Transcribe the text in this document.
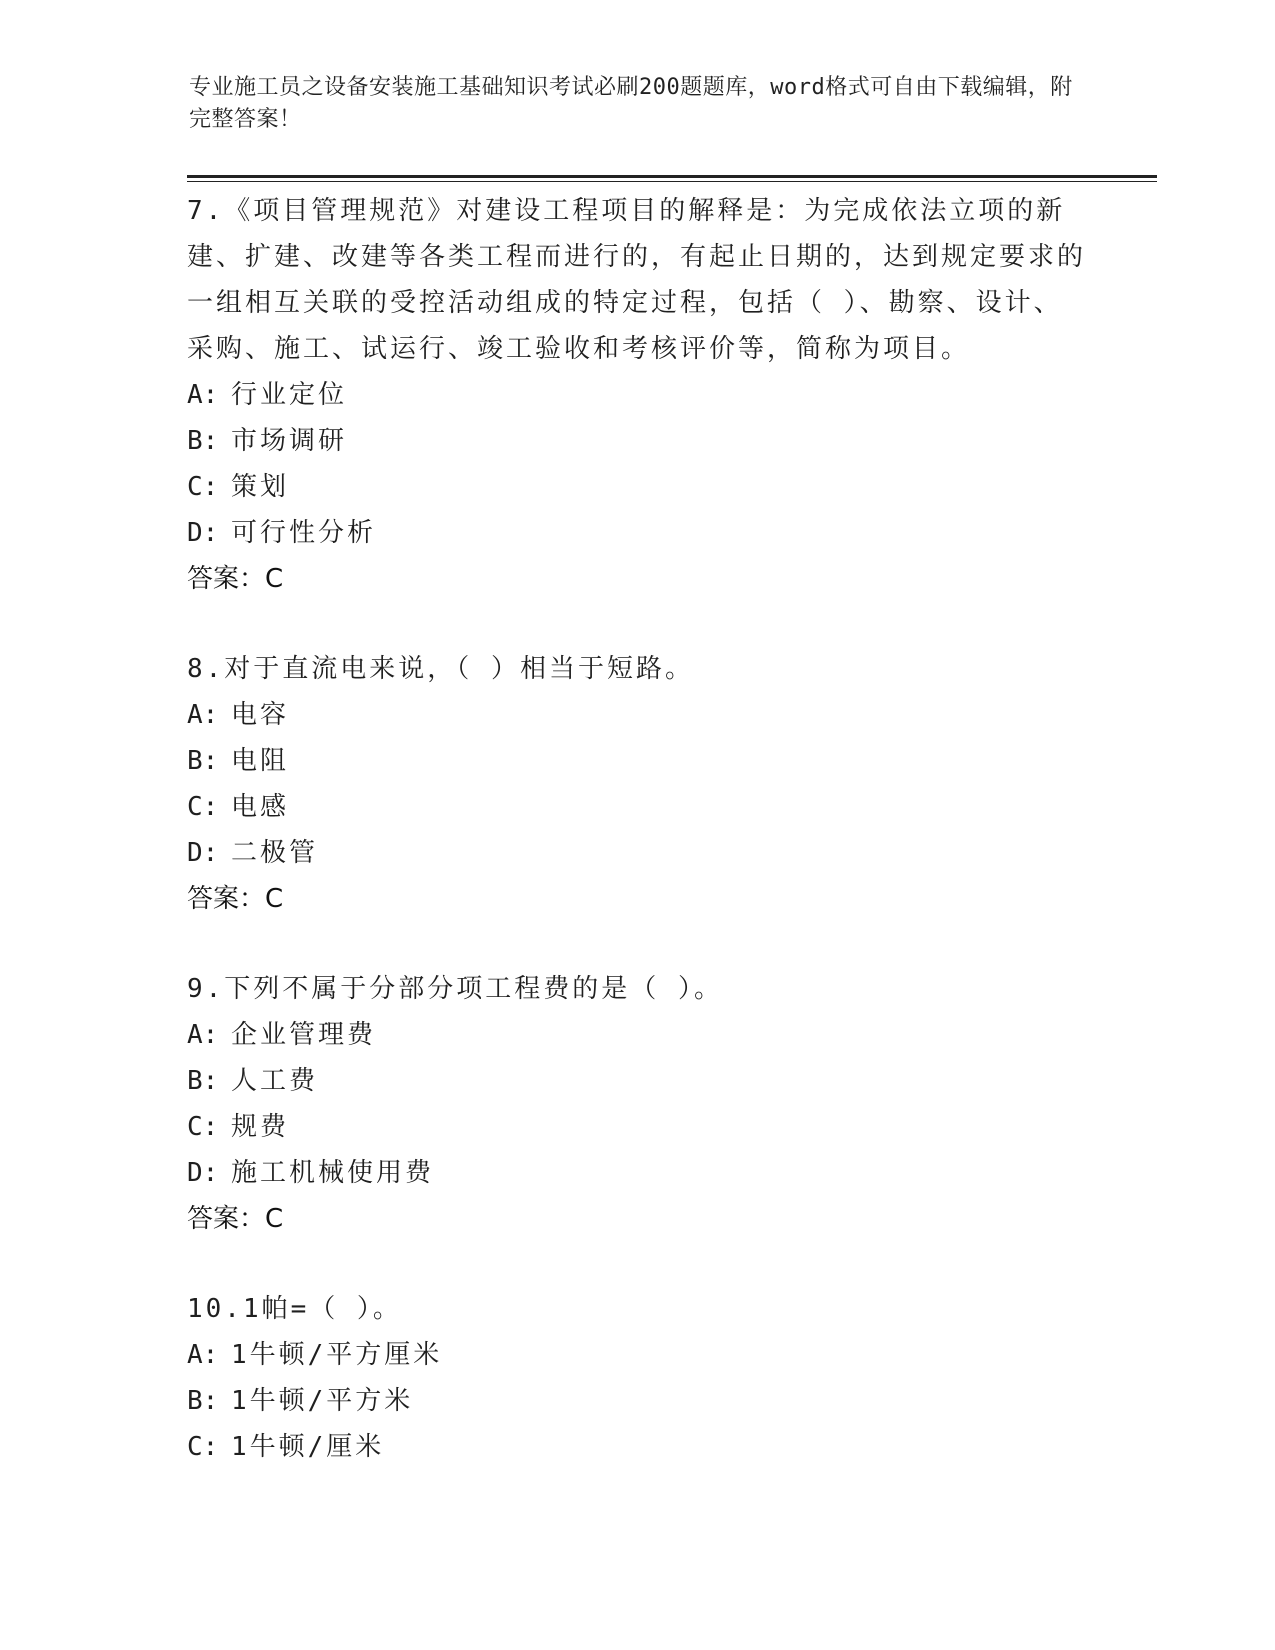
专业施工员之设备安装施工基础知识考试必刷200题题库，word格式可自由下载编辑，附完整答案！
7.《项目管理规范》对建设工程项目的解释是：为完成依法立项的新建、扩建、改建等各类工程而进行的，有起止日期的，达到规定要求的一组相互关联的受控活动组成的特定过程，包括（ ）、勘察、设计、采购、施工、试运行、竣工验收和考核评价等，简称为项目。
A: 行业定位
B: 市场调研
C: 策划
D: 可行性分析
答案：C
8.对于直流电来说，（ ）相当于短路。
A: 电容
B: 电阻
C: 电感
D: 二极管
答案：C
9.下列不属于分部分项工程费的是（ ）。
A: 企业管理费
B: 人工费
C: 规费
D: 施工机械使用费
答案：C
10.1帕=（ ）。
A: 1牛顿/平方厘米
B: 1牛顿/平方米
C: 1牛顿/厘米
